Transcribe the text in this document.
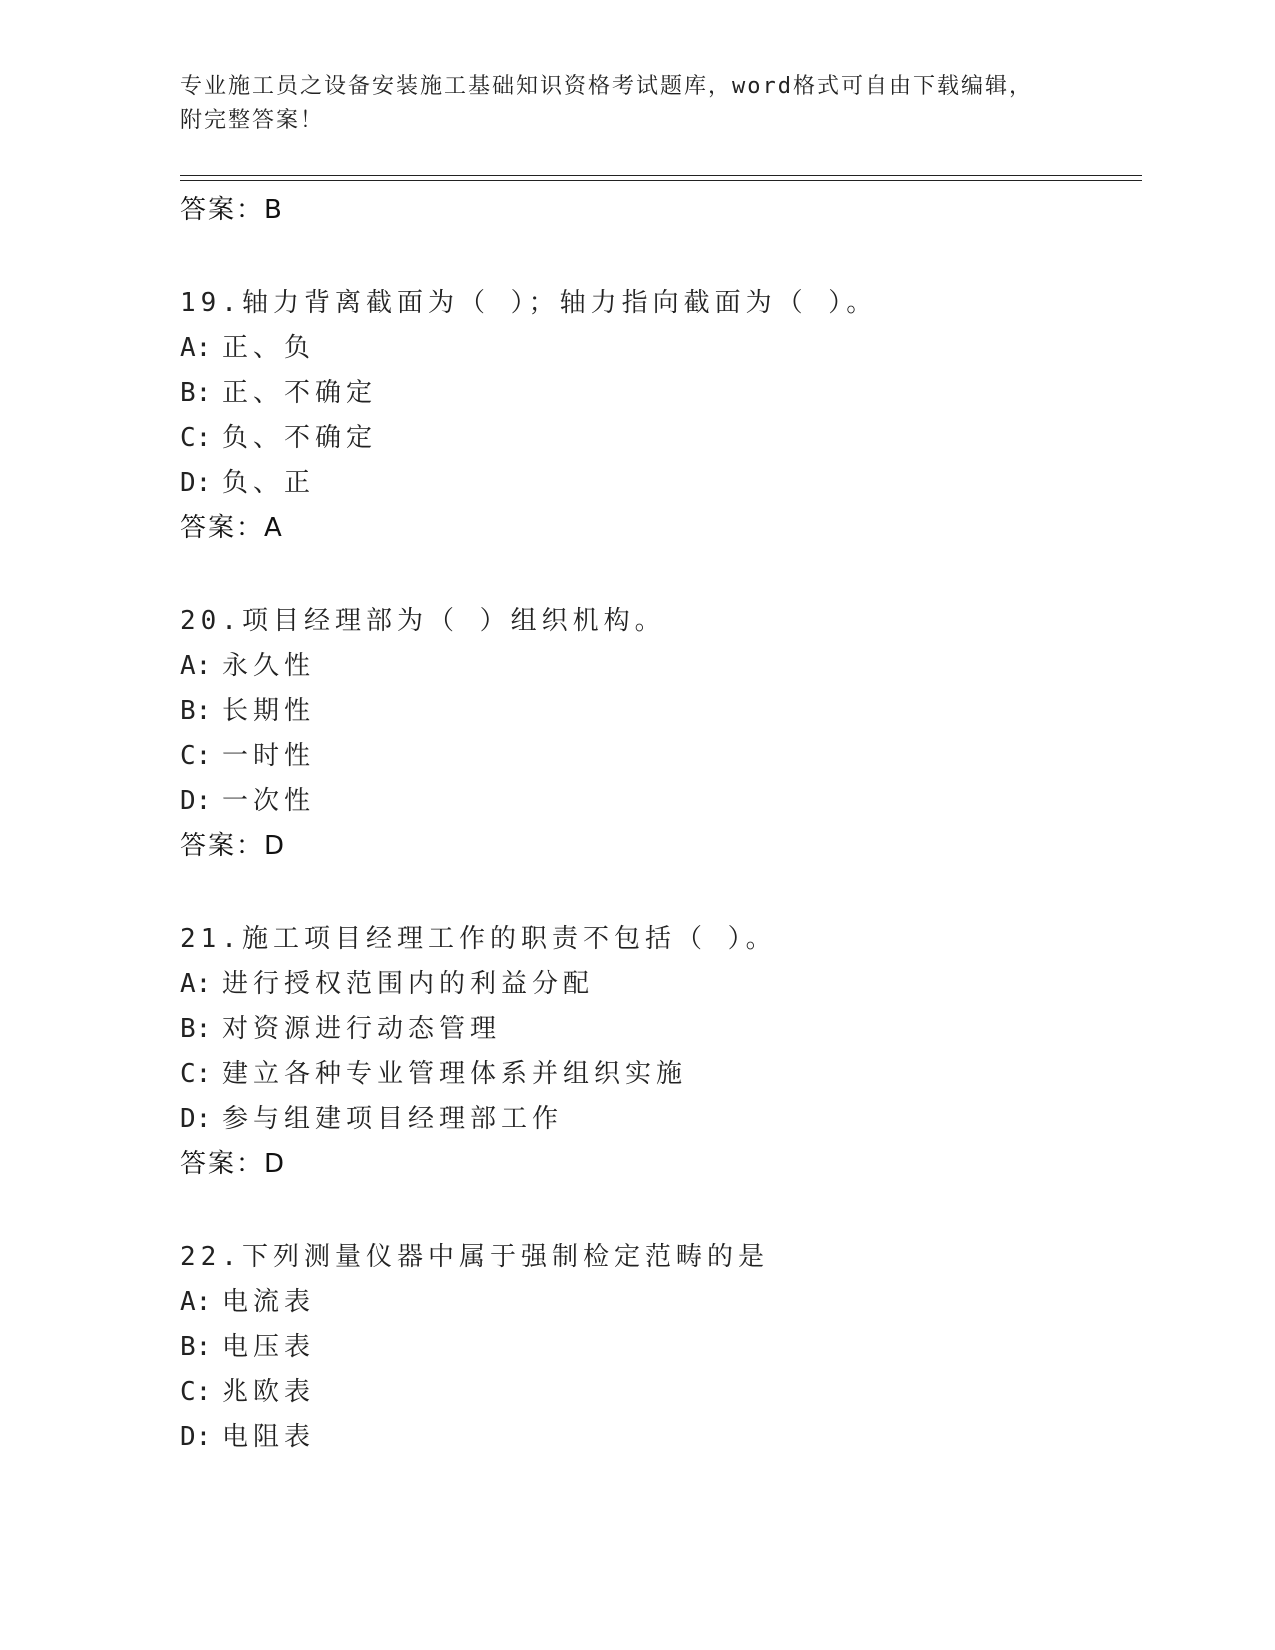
专业施工员之设备安装施工基础知识资格考试题库，word格式可自由下载编辑，
附完整答案！
答案：B
19.轴力背离截面为（ ）；轴力指向截面为（ ）。
A: 正、负
B: 正、不确定
C: 负、不确定
D: 负、正
答案：A
20.项目经理部为（ ）组织机构。
A: 永久性
B: 长期性
C: 一时性
D: 一次性
答案：D
21.施工项目经理工作的职责不包括（ ）。
A: 进行授权范围内的利益分配
B: 对资源进行动态管理
C: 建立各种专业管理体系并组织实施
D: 参与组建项目经理部工作
答案：D
22.下列测量仪器中属于强制检定范畴的是
A: 电流表
B: 电压表
C: 兆欧表
D: 电阻表
